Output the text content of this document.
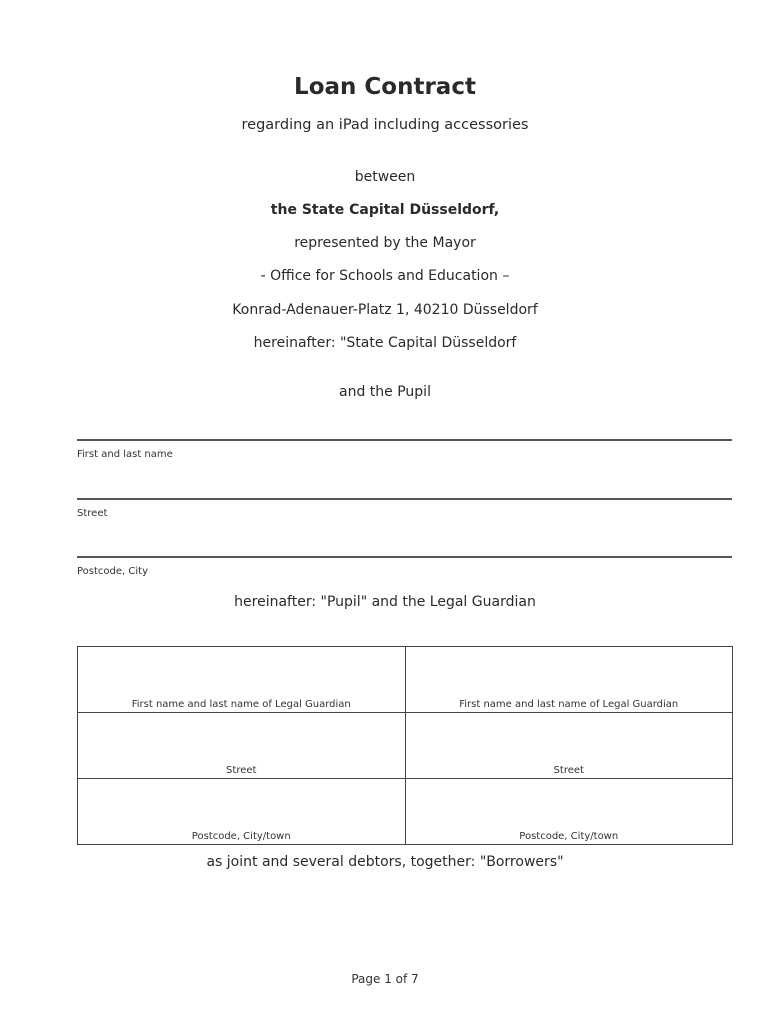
Loan Contract
regarding an iPad including accessories
between
the State Capital Düsseldorf,
represented by the Mayor
- Office for Schools and Education –
Konrad-Adenauer-Platz 1, 40210 Düsseldorf
hereinafter: "State Capital Düsseldorf
and the Pupil
First and last name
Street
Postcode, City
hereinafter: "Pupil" and the Legal Guardian
First name and last name of Legal Guardian	First name and last name of Legal Guardian
Street	Street
Postcode, City/town	Postcode, City/town
as joint and several debtors, together: "Borrowers"
Page 1 of 7
